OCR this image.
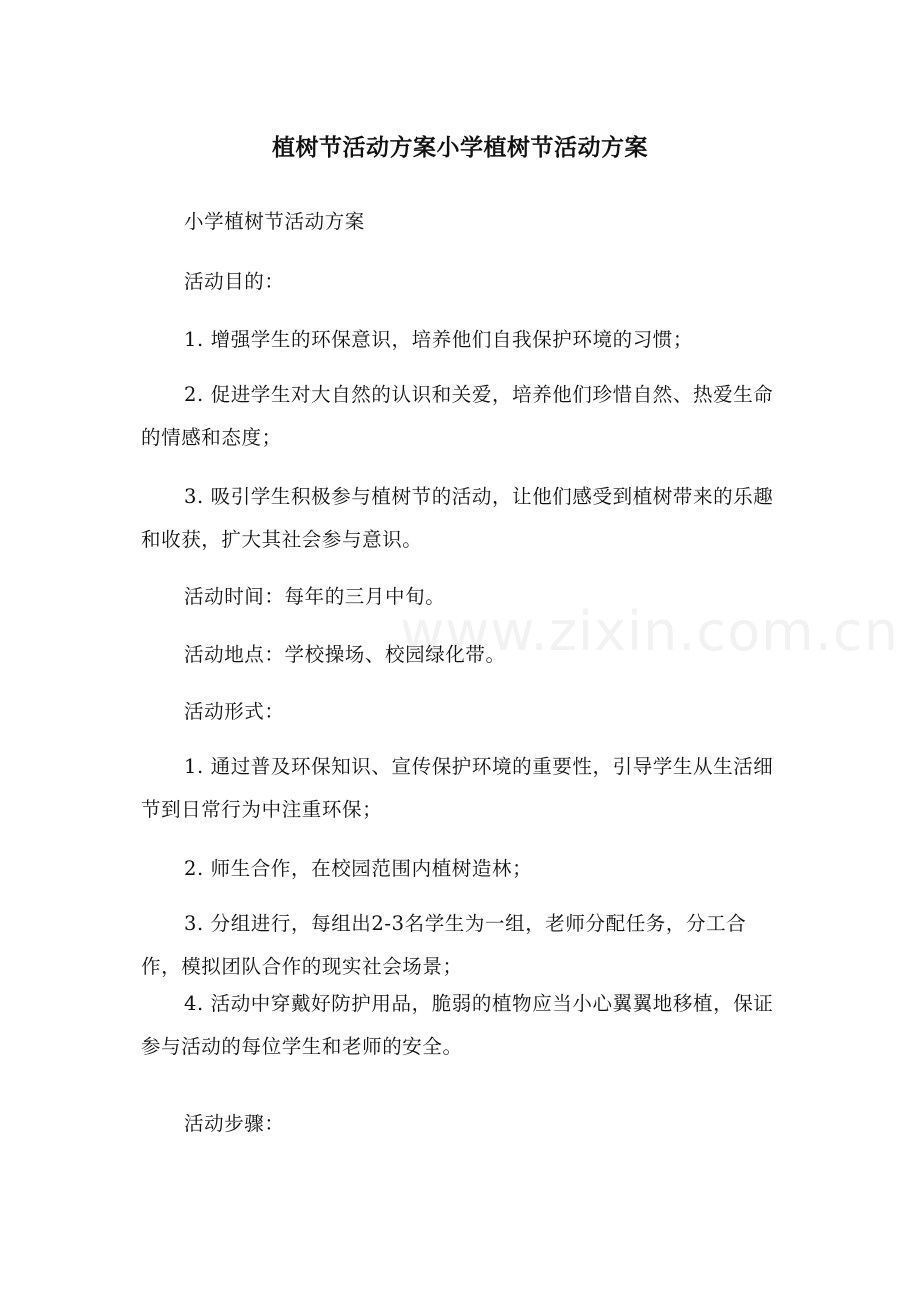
www.zixin.com.cn
植树节活动方案小学植树节活动方案

小学植树节活动方案

活动目的：

1. 增强学生的环保意识，培养他们自我保护环境的习惯；

2. 促进学生对大自然的认识和关爱，培养他们珍惜自然、热爱生命的情感和态度；

3. 吸引学生积极参与植树节的活动，让他们感受到植树带来的乐趣和收获，扩大其社会参与意识。

活动时间：每年的三月中旬。

活动地点：学校操场、校园绿化带。

活动形式：

1. 通过普及环保知识、宣传保护环境的重要性，引导学生从生活细节到日常行为中注重环保；

2. 师生合作，在校园范围内植树造林；

3. 分组进行，每组出2-3名学生为一组，老师分配任务，分工合作，模拟团队合作的现实社会场景；

4. 活动中穿戴好防护用品，脆弱的植物应当小心翼翼地移植，保证参与活动的每位学生和老师的安全。

活动步骤：
